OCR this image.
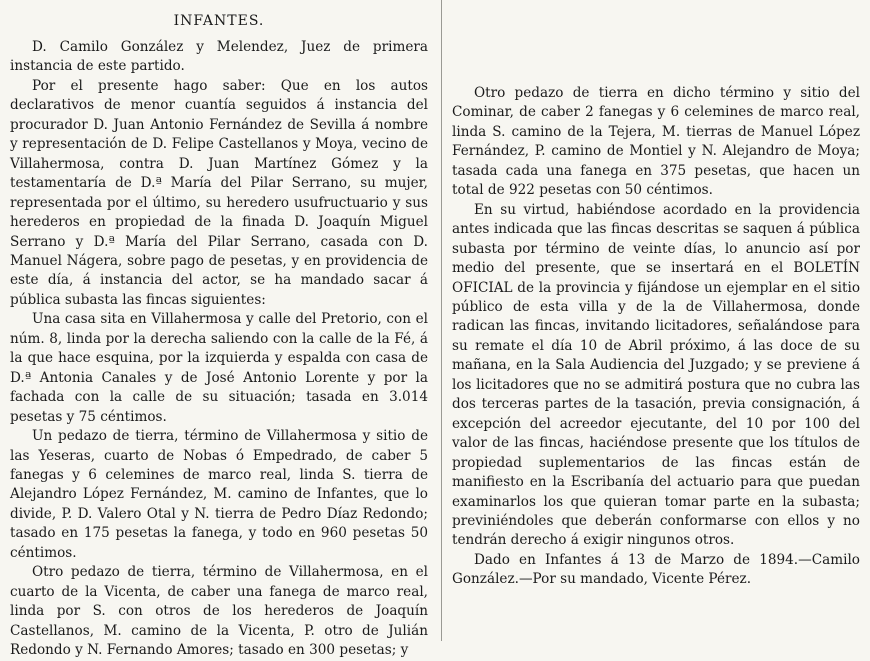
INFANTES.

D. Camilo González y Melendez, Juez de primera instancia de este partido.

Por el presente hago saber: Que en los autos declarativos de menor cuantía seguidos á instancia del procurador D. Juan Antonio Fernández de Sevilla á nombre y representación de D. Felipe Castellanos y Moya, vecino de Villahermosa, contra D. Juan Martínez Gómez y la testamentaría de D.ª María del Pilar Serrano, su mujer, representada por el último, su heredero usufructuario y sus herederos en propiedad de la finada D. Joaquín Miguel Serrano y D.ª María del Pilar Serrano, casada con D. Manuel Nágera, sobre pago de pesetas, y en providencia de este día, á instancia del actor, se ha mandado sacar á pública subasta las fincas siguientes:

Una casa sita en Villahermosa y calle del Pretorio, con el núm. 8, linda por la derecha saliendo con la calle de la Fé, á la que hace esquina, por la izquierda y espalda con casa de D.ª Antonia Canales y de José Antonio Lorente y por la fachada con la calle de su situación; tasada en 3.014 pesetas y 75 céntimos.

Un pedazo de tierra, término de Villahermosa y sitio de las Yeseras, cuarto de Nobas ó Empedrado, de caber 5 fanegas y 6 celemines de marco real, linda S. tierra de Alejandro López Fernández, M. camino de Infantes, que lo divide, P. D. Valero Otal y N. tierra de Pedro Díaz Redondo; tasado en 175 pesetas la fanega, y todo en 960 pesetas 50 céntimos.

Otro pedazo de tierra, término de Villahermosa, en el cuarto de la Vicenta, de caber una fanega de marco real, linda por S. con otros de los herederos de Joaquín Castellanos, M. camino de la Vicenta, P. otro de Julián Redondo y N. Fernando Amores; tasado en 300 pesetas; y

Otro pedazo de tierra en dicho término y sitio del Cominar, de caber 2 fanegas y 6 celemines de marco real, linda S. camino de la Tejera, M. tierras de Manuel López Fernández, P. camino de Montiel y N. Alejandro de Moya; tasada cada una fanega en 375 pesetas, que hacen un total de 922 pesetas con 50 céntimos.

En su virtud, habiéndose acordado en la providencia antes indicada que las fincas descritas se saquen á pública subasta por término de veinte días, lo anuncio así por medio del presente, que se insertará en el BOLETÍN OFICIAL de la provincia y fijándose un ejemplar en el sitio público de esta villa y de la de Villahermosa, donde radican las fincas, invitando licitadores, señalándose para su remate el día 10 de Abril próximo, á las doce de su mañana, en la Sala Audiencia del Juzgado; y se previene á los licitadores que no se admitirá postura que no cubra las dos terceras partes de la tasación, previa consignación, á excepción del acreedor ejecutante, del 10 por 100 del valor de las fincas, haciéndose presente que los títulos de propiedad suplementarios de las fincas están de manifiesto en la Escribanía del actuario para que puedan examinarlos los que quieran tomar parte en la subasta; previniéndoles que deberán conformarse con ellos y no tendrán derecho á exigir ningunos otros.

Dado en Infantes á 13 de Marzo de 1894.—Camilo González.—Por su mandado, Vicente Pérez.
